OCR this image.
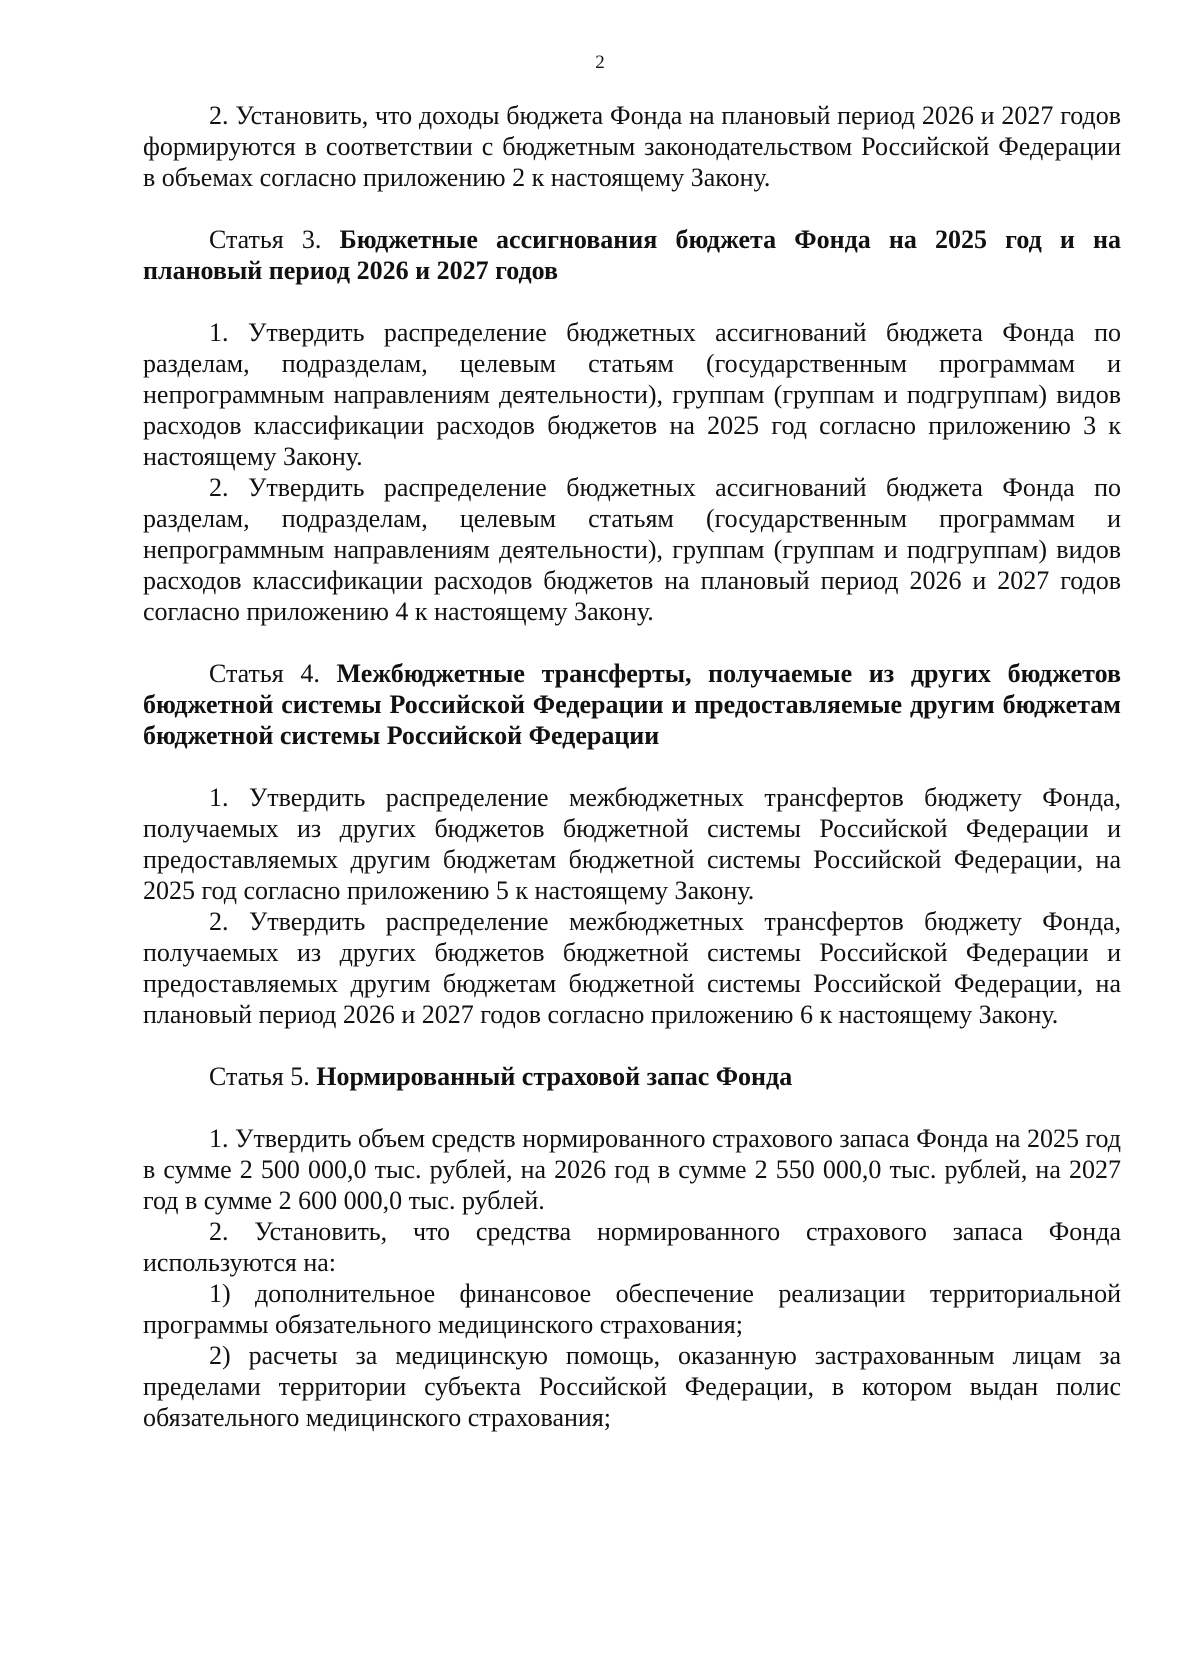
2

2. Установить, что доходы бюджета Фонда на плановый период 2026 и 2027 годов формируются в соответствии с бюджетным законодательством Российской Федерации в объемах согласно приложению 2 к настоящему Закону.

Статья 3. Бюджетные ассигнования бюджета Фонда на 2025 год и на плановый период 2026 и 2027 годов

1. Утвердить распределение бюджетных ассигнований бюджета Фонда по разделам, подразделам, целевым статьям (государственным программам и непрограммным направлениям деятельности), группам (группам и подгруппам) видов расходов классификации расходов бюджетов на 2025 год согласно приложению 3 к настоящему Закону.

2. Утвердить распределение бюджетных ассигнований бюджета Фонда по разделам, подразделам, целевым статьям (государственным программам и непрограммным направлениям деятельности), группам (группам и подгруппам) видов расходов классификации расходов бюджетов на плановый период 2026 и 2027 годов согласно приложению 4 к настоящему Закону.

Статья 4. Межбюджетные трансферты, получаемые из других бюджетов бюджетной системы Российской Федерации и предоставляемые другим бюджетам бюджетной системы Российской Федерации

1. Утвердить распределение межбюджетных трансфертов бюджету Фонда, получаемых из других бюджетов бюджетной системы Российской Федерации и предоставляемых другим бюджетам бюджетной системы Российской Федерации, на 2025 год согласно приложению 5 к настоящему Закону.

2. Утвердить распределение межбюджетных трансфертов бюджету Фонда, получаемых из других бюджетов бюджетной системы Российской Федерации и предоставляемых другим бюджетам бюджетной системы Российской Федерации, на плановый период 2026 и 2027 годов согласно приложению 6 к настоящему Закону.

Статья 5. Нормированный страховой запас Фонда

1. Утвердить объем средств нормированного страхового запаса Фонда на 2025 год в сумме 2 500 000,0 тыс. рублей, на 2026 год в сумме 2 550 000,0 тыс. рублей, на 2027 год в сумме 2 600 000,0 тыс. рублей.

2. Установить, что средства нормированного страхового запаса Фонда используются на:

1) дополнительное финансовое обеспечение реализации территориальной программы обязательного медицинского страхования;

2) расчеты за медицинскую помощь, оказанную застрахованным лицам за пределами территории субъекта Российской Федерации, в котором выдан полис обязательного медицинского страхования;
